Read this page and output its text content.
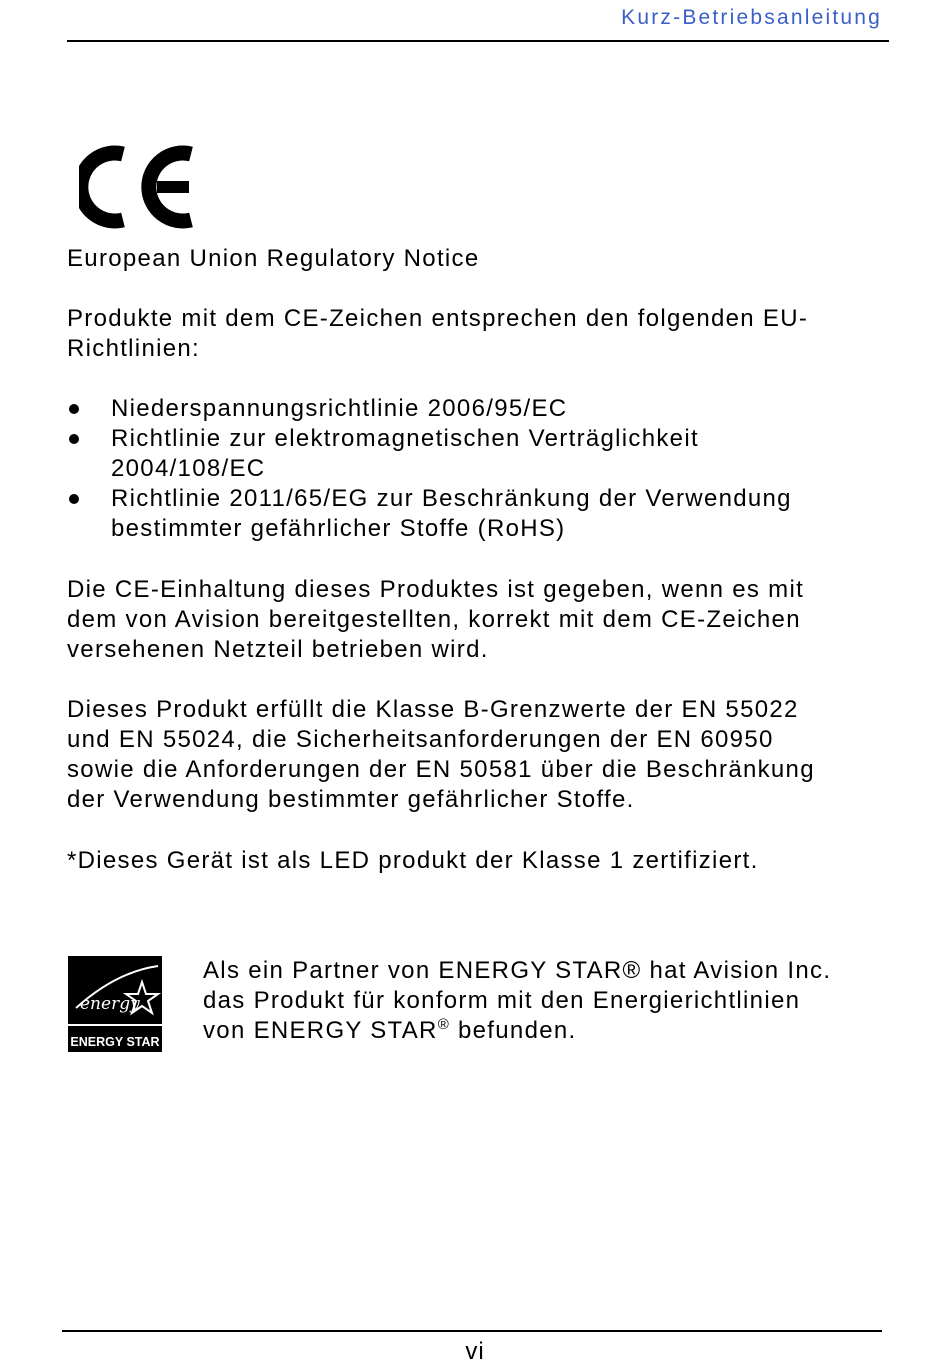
Kurz-Betriebsanleitung
European Union Regulatory Notice
Produkte mit dem CE-Zeichen entsprechen den folgenden EU-
Richtlinien:
Niederspannungsrichtlinie 2006/95/EC
Richtlinie zur elektromagnetischen Verträglichkeit
2004/108/EC
Richtlinie 2011/65/EG zur Beschränkung der Verwendung
bestimmter gefährlicher Stoffe (RoHS)
Die CE-Einhaltung dieses Produktes ist gegeben, wenn es mit
dem von Avision bereitgestellten, korrekt mit dem CE-Zeichen
versehenen Netzteil betrieben wird.
Dieses Produkt erfüllt die Klasse B-Grenzwerte der EN 55022
und EN 55024, die Sicherheitsanforderungen der EN 60950
sowie die Anforderungen der EN 50581 über die Beschränkung
der Verwendung bestimmter gefährlicher Stoffe.
*Dieses Gerät ist als LED produkt der Klasse 1 zertifiziert.
energy
ENERGY STAR
Als ein Partner von ENERGY STAR® hat Avision Inc.
das Produkt für konform mit den Energierichtlinien
von ENERGY STAR® befunden.
vi
